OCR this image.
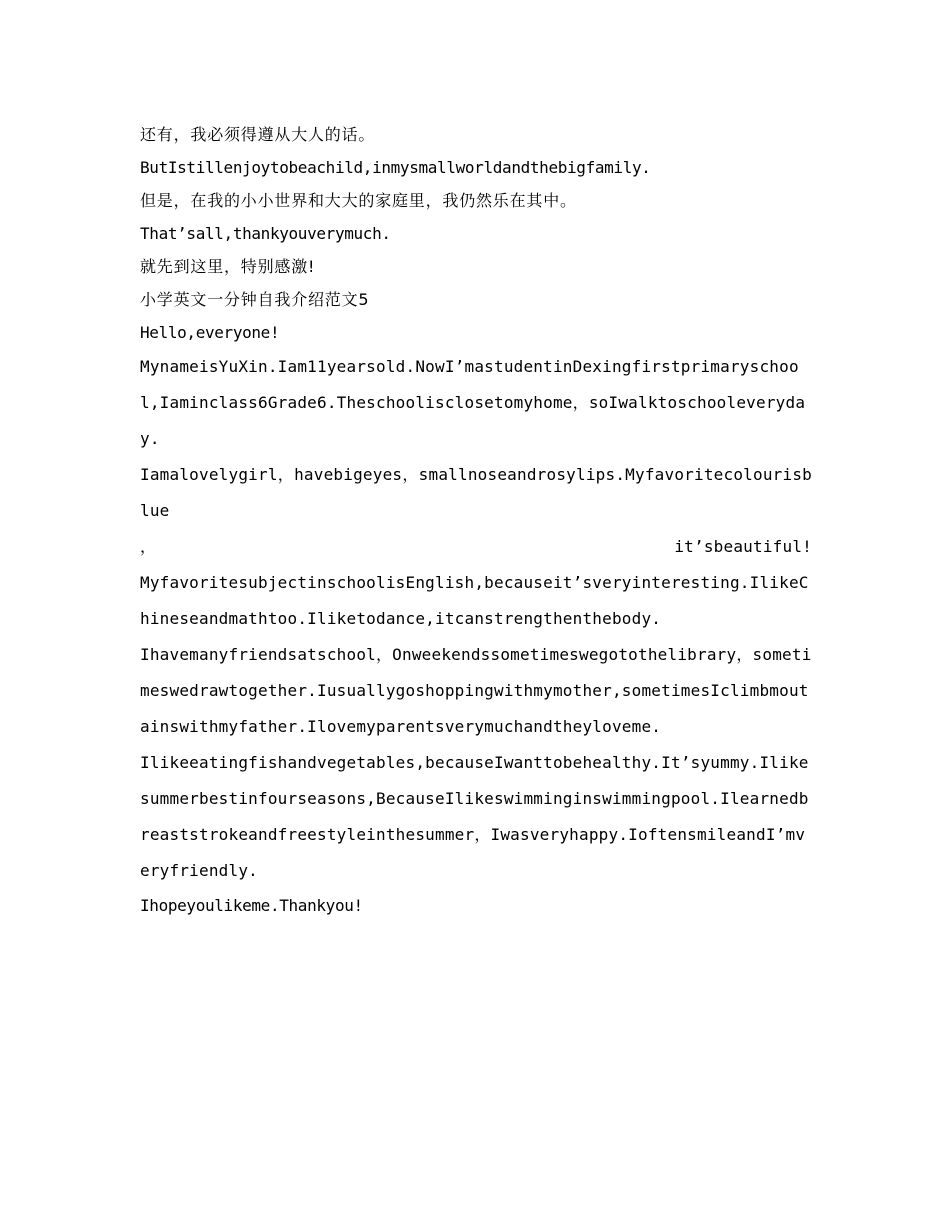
还有，我必须得遵从大人的话。

ButIstillenjoytobeachild,inmysmallworldandthebigfamily.

但是，在我的小小世界和大大的家庭里，我仍然乐在其中。

That’sall,thankyouverymuch.

就先到这里，特别感激!

小学英文一分钟自我介绍范文5

Hello,everyone!

MynameisYuXin.Iam11yearsold.NowI’mastudentinDexingfirstprimaryschool,Iaminclass6Grade6.Theschoolisclosetomyhome，soIwalktoschooleveryday.

Iamalovelygirl，havebigeyes，smallnoseandrosylips.Myfavoritecolourisblue

，	it’sbeautiful!

MyfavoritesubjectinschoolisEnglish,becauseit’sveryinteresting.IlikeChineseandmathtoo.Iliketodance,itcanstrengthenthebody.

Ihavemanyfriendsatschool，Onweekendssometimeswegotothelibrary，sometimeswedrawtogether.Iusuallygoshoppingwithmymother,sometimesIclimbmoutainswithmyfather.Ilovemyparentsverymuchandtheyloveme.

Ilikeeatingfishandvegetables,becauseIwanttobehealthy.It’syummy.Ilikesummerbestinfourseasons,BecauseIlikeswimminginswimmingpool.Ilearnedbreaststrokeandfreestyleinthesummer，Iwasveryhappy.IoftensmileandI’mveryfriendly.

Ihopeyoulikeme.Thankyou!
